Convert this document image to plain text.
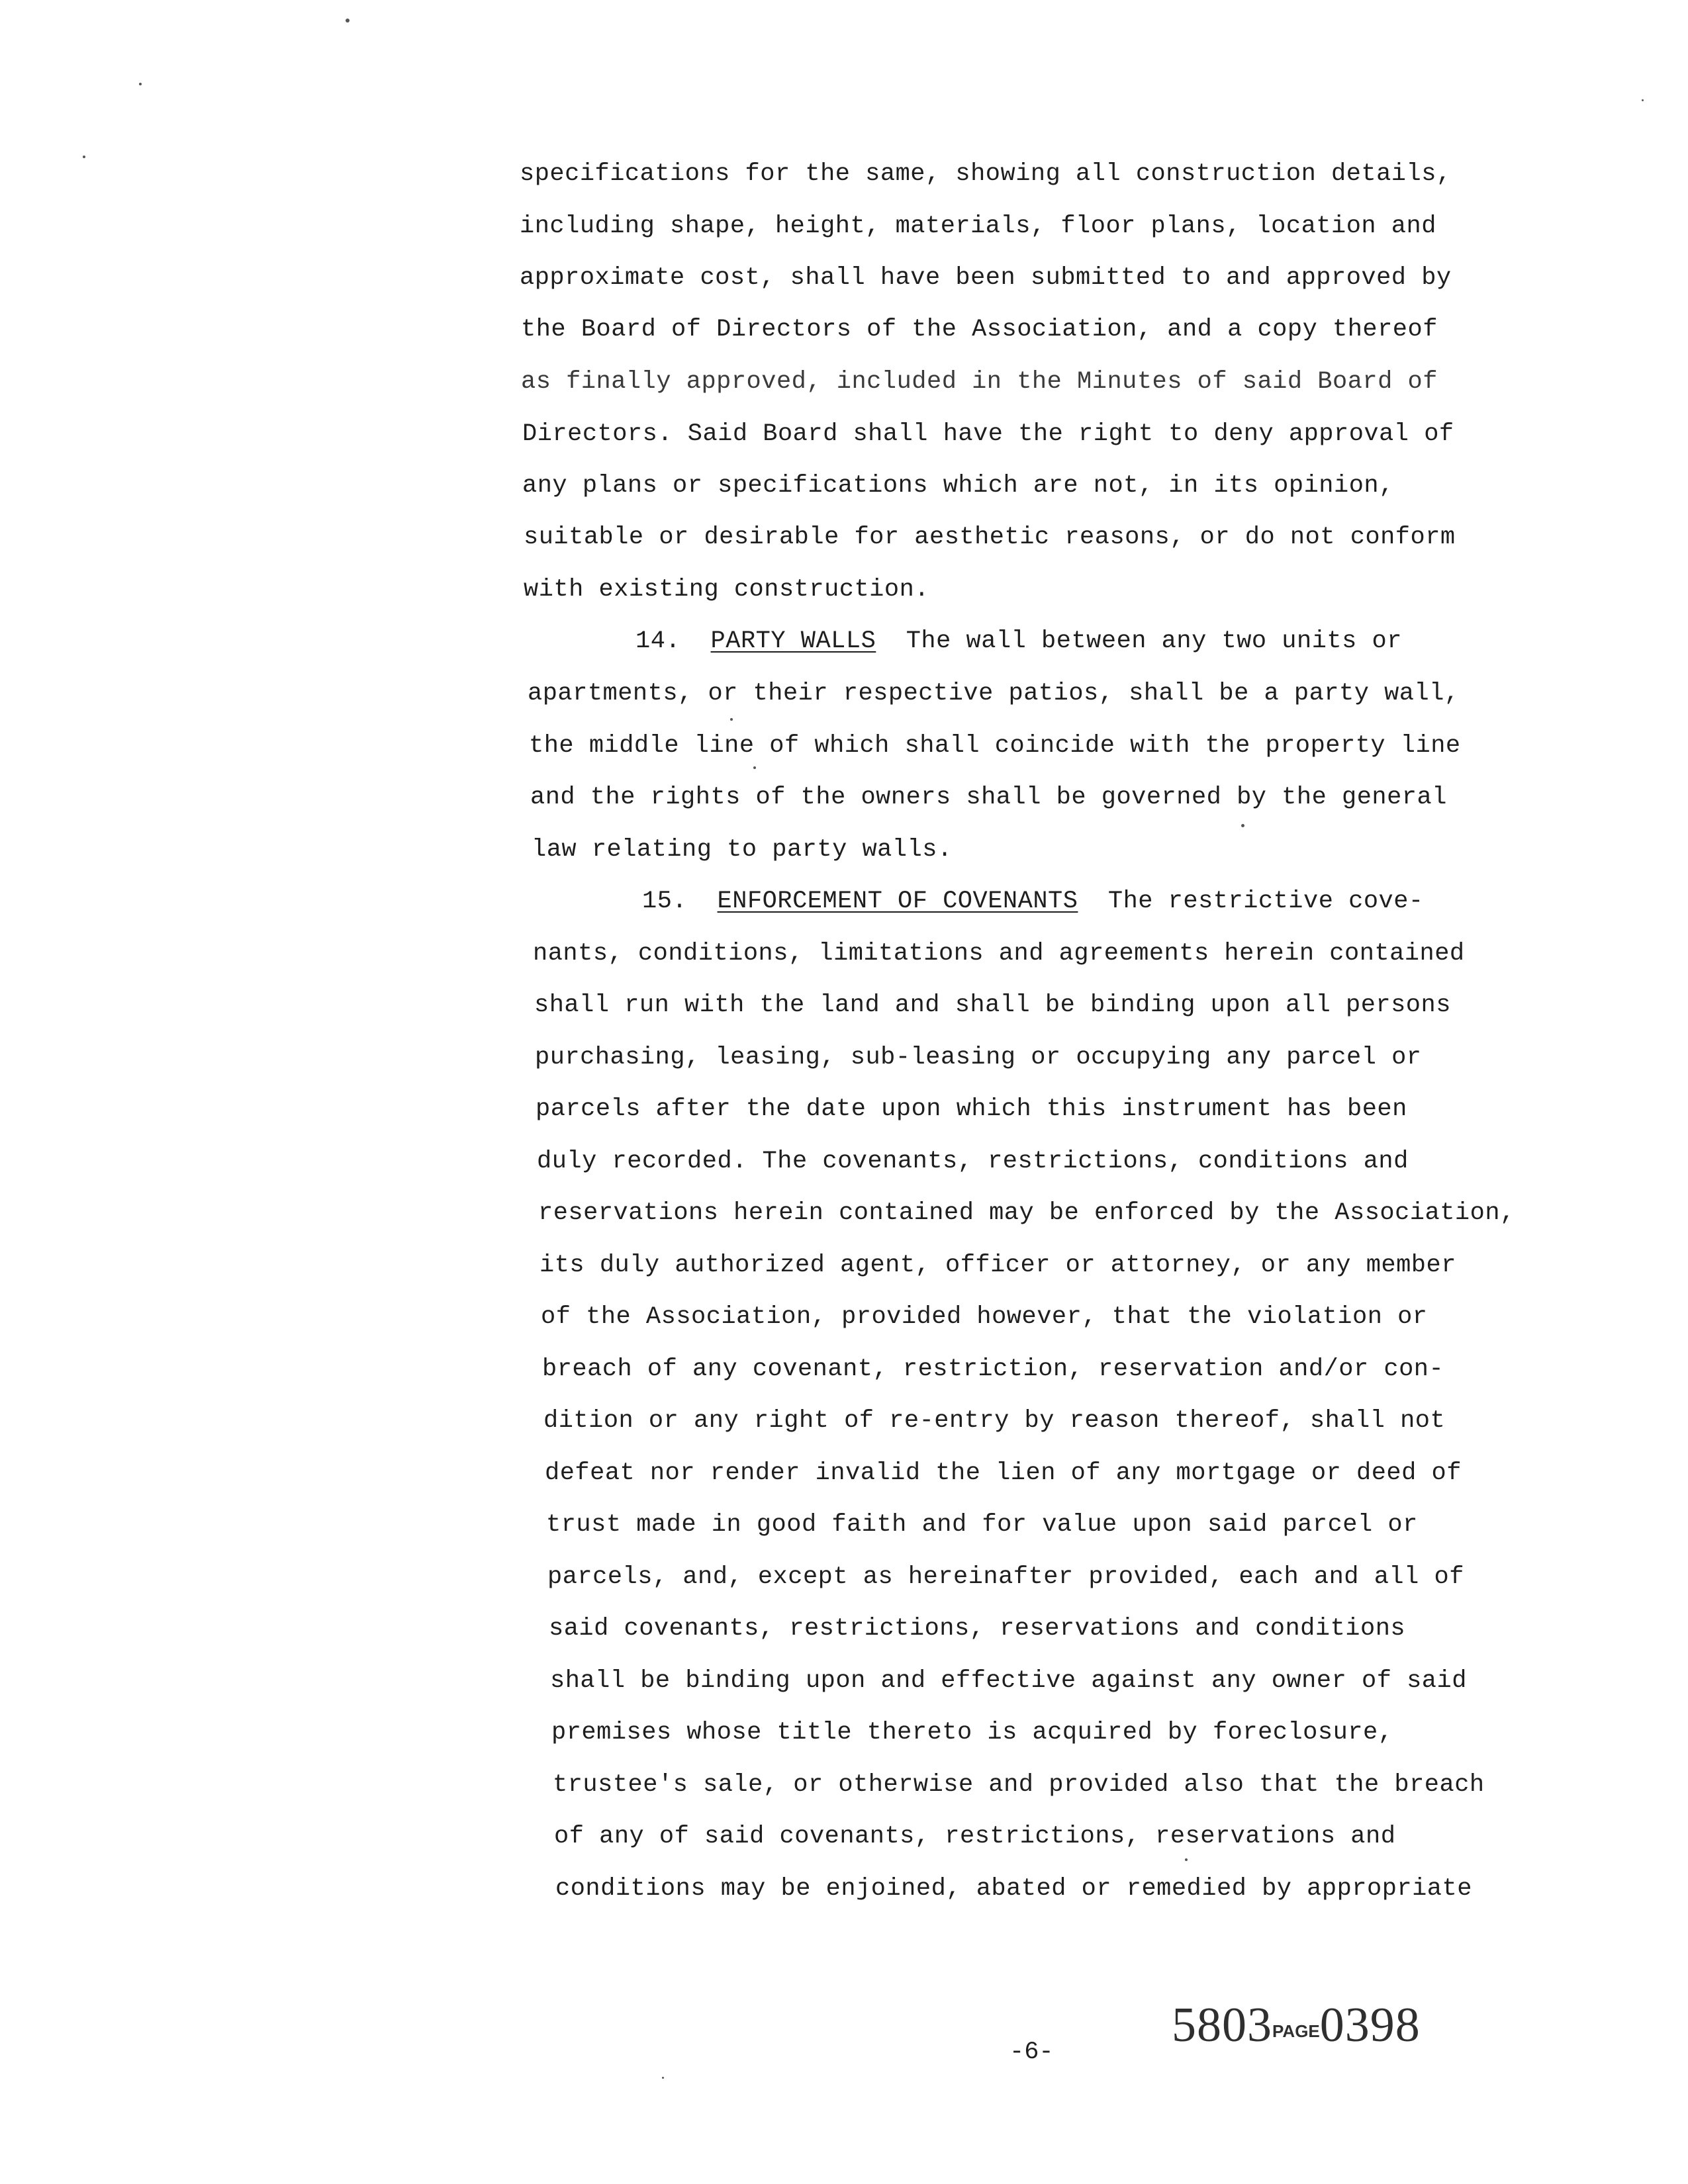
specifications for the same, showing all construction details,
including shape, height, materials, floor plans, location and
approximate cost, shall have been submitted to and approved by
the Board of Directors of the Association, and a copy thereof
as finally approved, included in the Minutes of said Board of
Directors. Said Board shall have the right to deny approval of
any plans or specifications which are not, in its opinion,
suitable or desirable for aesthetic reasons, or do not conform
with existing construction.
14. PARTY WALLS The wall between any two units or
apartments, or their respective patios, shall be a party wall,
the middle line of which shall coincide with the property line
and the rights of the owners shall be governed by the general
law relating to party walls.
15. ENFORCEMENT OF COVENANTS The restrictive cove-
nants, conditions, limitations and agreements herein contained
shall run with the land and shall be binding upon all persons
purchasing, leasing, sub-leasing or occupying any parcel or
parcels after the date upon which this instrument has been
duly recorded. The covenants, restrictions, conditions and
reservations herein contained may be enforced by the Association,
its duly authorized agent, officer or attorney, or any member
of the Association, provided however, that the violation or
breach of any covenant, restriction, reservation and/or con-
dition or any right of re-entry by reason thereof, shall not
defeat nor render invalid the lien of any mortgage or deed of
trust made in good faith and for value upon said parcel or
parcels, and, except as hereinafter provided, each and all of
said covenants, restrictions, reservations and conditions
shall be binding upon and effective against any owner of said
premises whose title thereto is acquired by foreclosure,
trustee's sale, or otherwise and provided also that the breach
of any of said covenants, restrictions, reservations and
conditions may be enjoined, abated or remedied by appropriate
5803PAGE0398
-6-
